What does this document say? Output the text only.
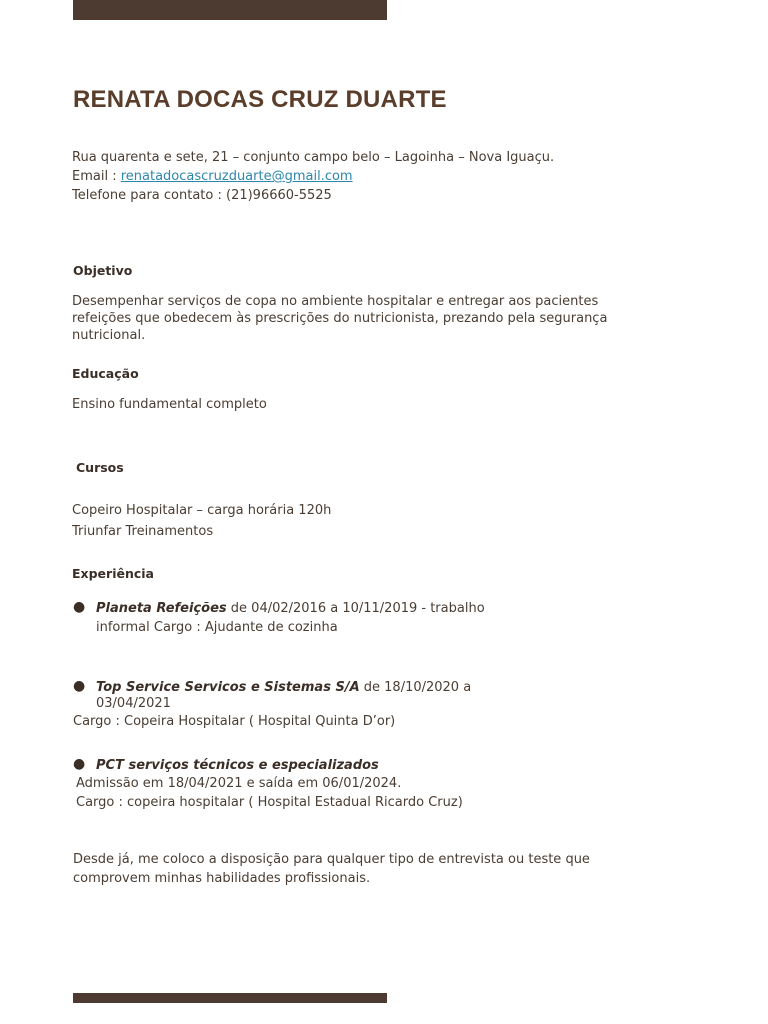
RENATA DOCAS CRUZ DUARTE
Rua quarenta e sete, 21 – conjunto campo belo – Lagoinha – Nova Iguaçu.
Email : renatadocascruzduarte@gmail.com
Telefone para contato : (21)96660-5525
Objetivo
Desempenhar serviços de copa no ambiente hospitalar e entregar aos pacientes
refeições que obedecem às prescrições do nutricionista, prezando pela segurança
nutricional.
Educação
Ensino fundamental completo
Cursos
Copeiro Hospitalar – carga horária 120h
Triunfar Treinamentos
Experiência
● Planeta Refeições de 04/02/2016 a 10/11/2019 - trabalho
informal Cargo : Ajudante de cozinha
● Top Service Servicos e Sistemas S/A de 18/10/2020 a
03/04/2021
Cargo : Copeira Hospitalar ( Hospital Quinta D’or)
● PCT serviços técnicos e especializados
Admissão em 18/04/2021 e saída em 06/01/2024.
Cargo : copeira hospitalar ( Hospital Estadual Ricardo Cruz)
Desde já, me coloco a disposição para qualquer tipo de entrevista ou teste que
comprovem minhas habilidades profissionais.
